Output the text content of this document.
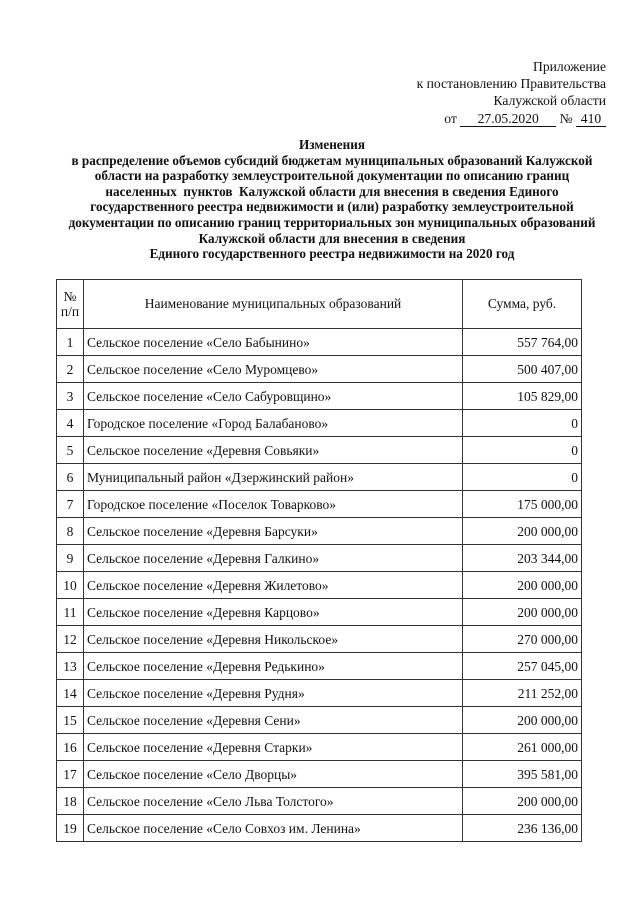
Приложение
к постановлению Правительства
Калужской области
от 27.05.2020 № 410
Изменения
в распределение объемов субсидий бюджетам муниципальных образований Калужской
области на разработку землеустроительной документации по описанию границ
населенных  пунктов  Калужской области для внесения в сведения Единого
государственного реестра недвижимости и (или) разработку землеустроительной
документации по описанию границ территориальных зон муниципальных образований
Калужской области для внесения в сведения
Единого государственного реестра недвижимости на 2020 год
№
п/п	Наименование муниципальных образований	Сумма, руб.
1	Сельское поселение «Село Бабынино»	557 764,00
2	Сельское поселение «Село Муромцево»	500 407,00
3	Сельское поселение «Село Сабуровщино»	105 829,00
4	Городское поселение «Город Балабаново»	0
5	Сельское поселение «Деревня Совьяки»	0
6	Муниципальный район «Дзержинский район»	0
7	Городское поселение «Поселок Товарково»	175 000,00
8	Сельское поселение «Деревня Барсуки»	200 000,00
9	Сельское поселение «Деревня Галкино»	203 344,00
10	Сельское поселение «Деревня Жилетово»	200 000,00
11	Сельское поселение «Деревня Карцово»	200 000,00
12	Сельское поселение «Деревня Никольское»	270 000,00
13	Сельское поселение «Деревня Редькино»	257 045,00
14	Сельское поселение «Деревня Рудня»	211 252,00
15	Сельское поселение «Деревня Сени»	200 000,00
16	Сельское поселение «Деревня Старки»	261 000,00
17	Сельское поселение «Село Дворцы»	395 581,00
18	Сельское поселение «Село Льва Толстого»	200 000,00
19	Сельское поселение «Село Совхоз им. Ленина»	236 136,00
